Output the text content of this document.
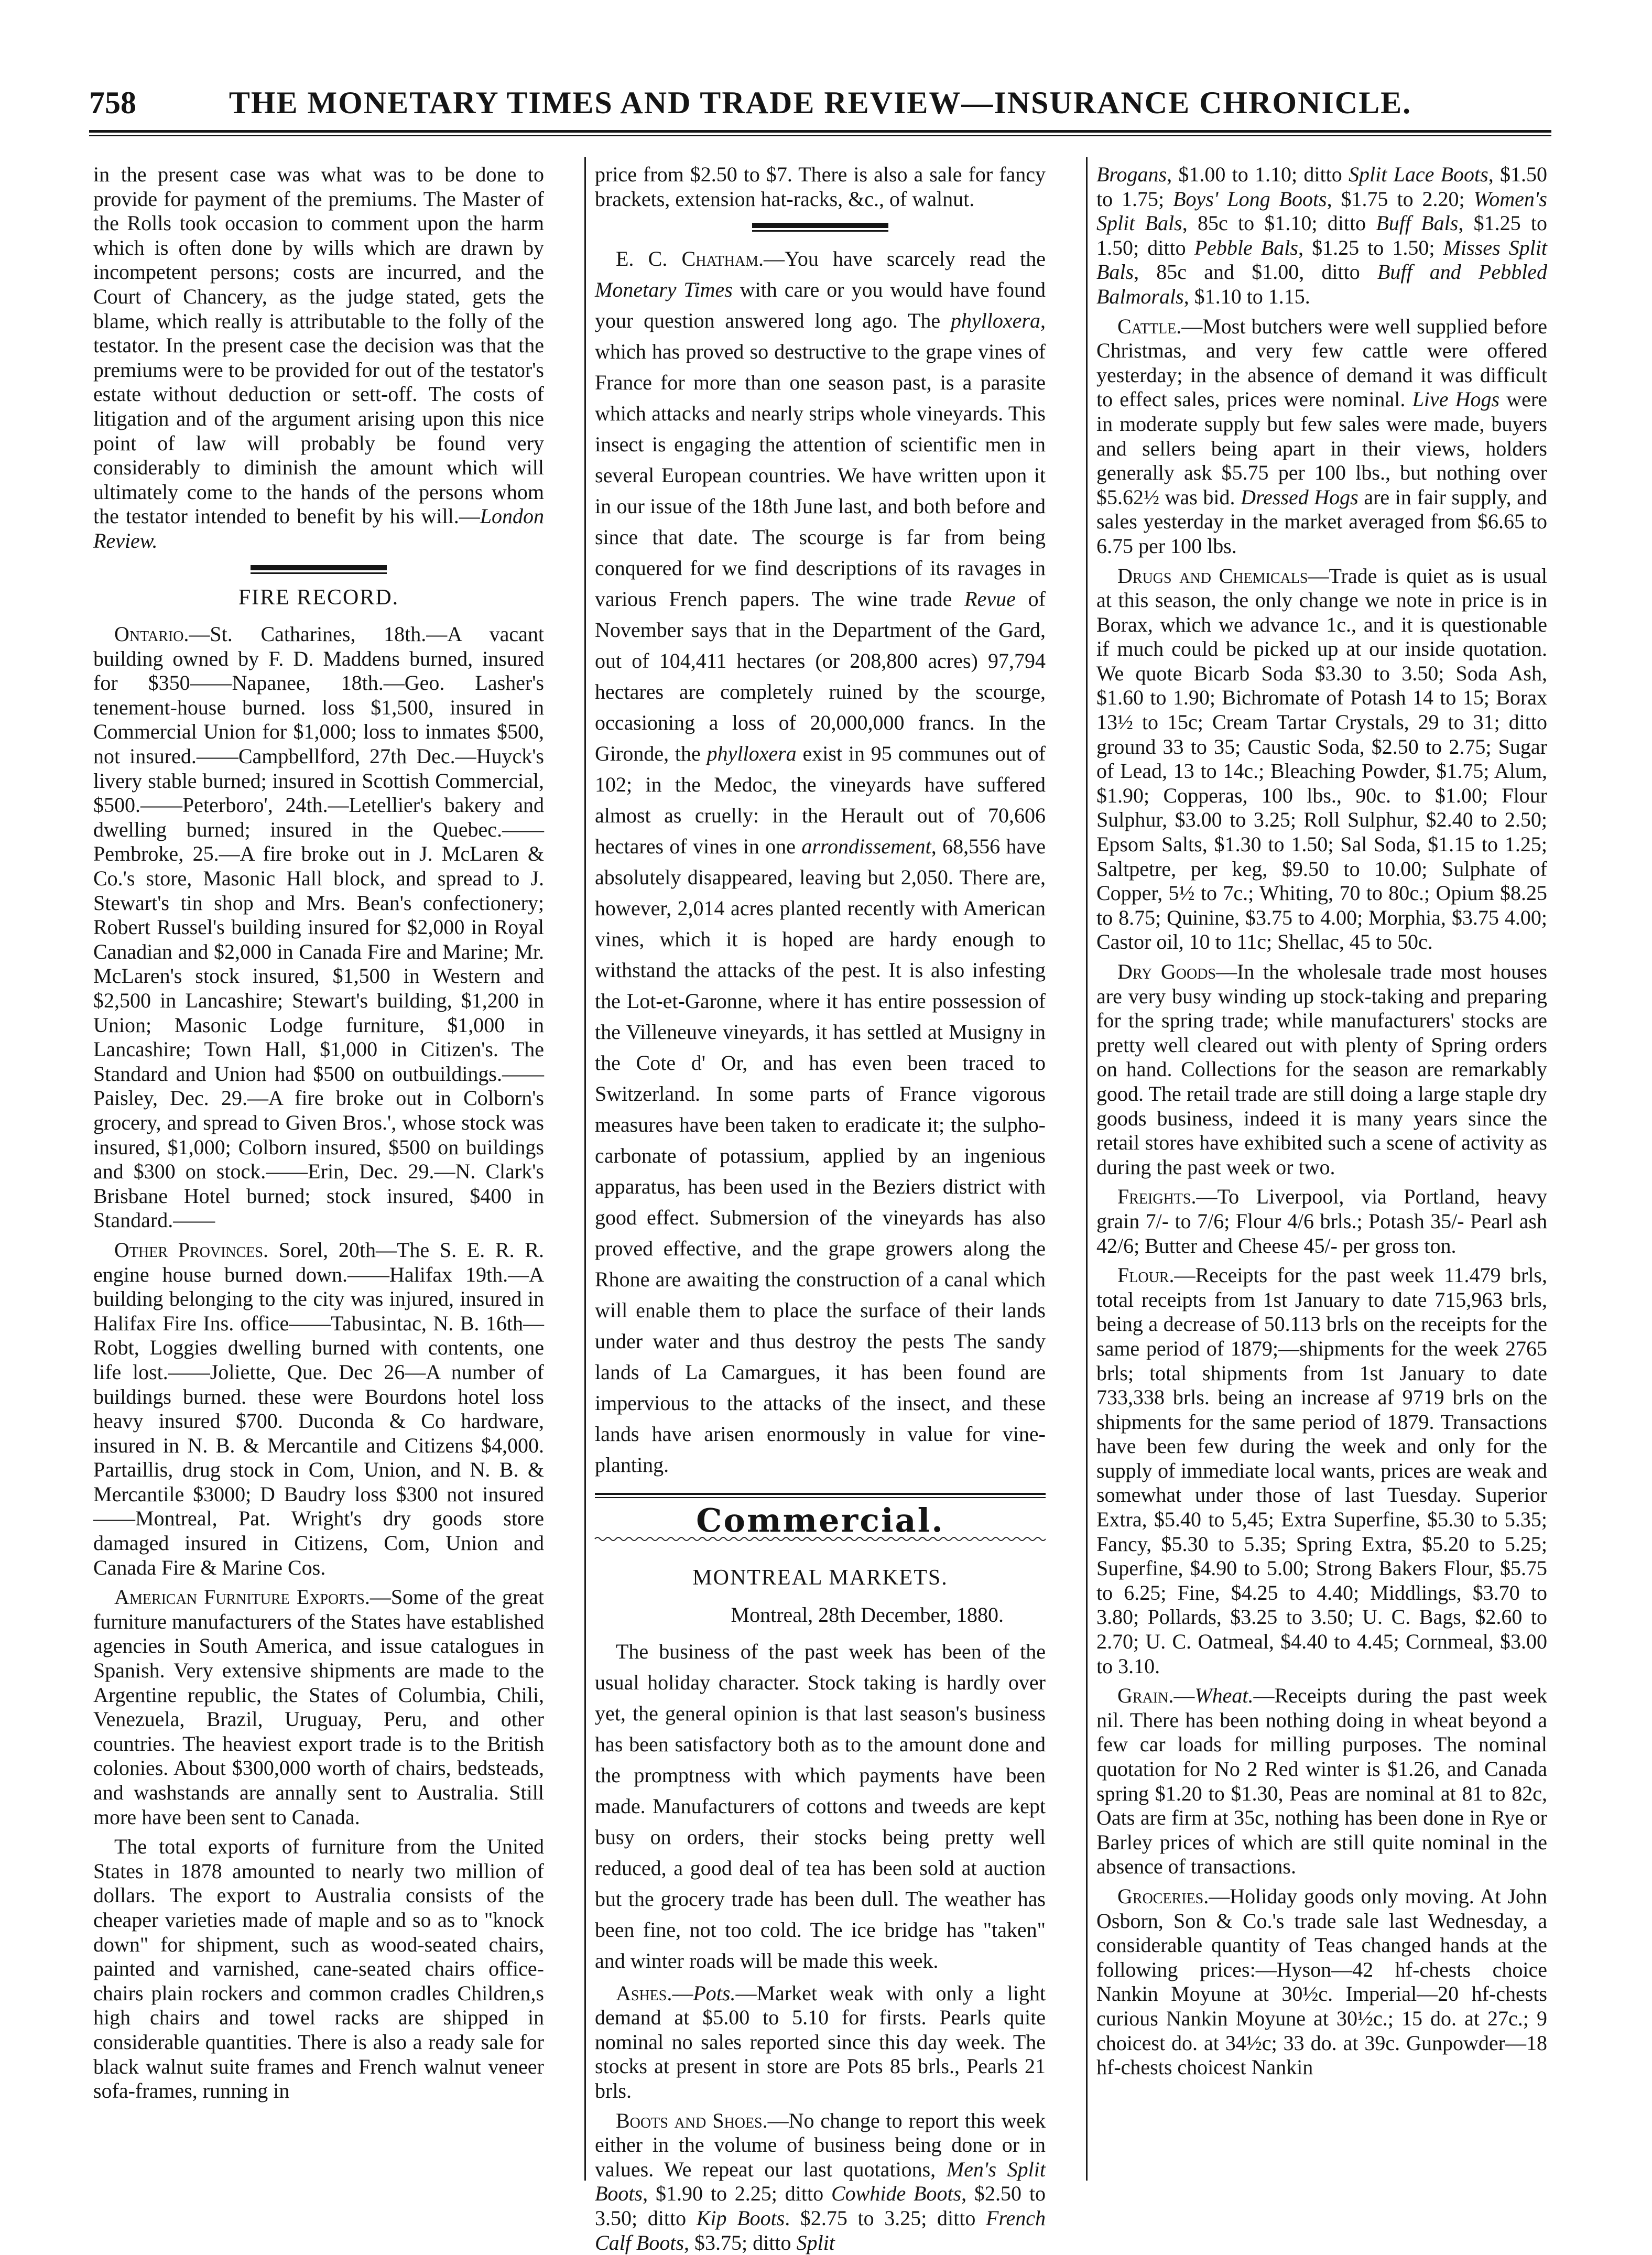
758	THE MONETARY TIMES AND TRADE REVIEW—INSURANCE CHRONICLE.

in the present case was what was to be done to provide for payment of the premiums. The Master of the Rolls took occasion to comment upon the harm which is often done by wills which are drawn by incompetent persons; costs are incurred, and the Court of Chancery, as the judge stated, gets the blame, which really is attributable to the folly of the testator. In the present case the decision was that the premiums were to be provided for out of the testator's estate without deduction or sett-off. The costs of litigation and of the argument arising upon this nice point of law will probably be found very considerably to diminish the amount which will ultimately come to the hands of the persons whom the testator intended to benefit by his will.—London Review.

FIRE RECORD.

Ontario.—St. Catharines, 18th.—A vacant building owned by F. D. Maddens burned, insured for $350——Napanee, 18th.—Geo. Lasher's tenement-house burned. loss $1,500, insured in Commercial Union for $1,000; loss to inmates $500, not insured.——Campbellford, 27th Dec.—Huyck's livery stable burned; insured in Scottish Commercial, $500.——Peterboro', 24th.—Letellier's bakery and dwelling burned; insured in the Quebec.——Pembroke, 25.—A fire broke out in J. McLaren & Co.'s store, Masonic Hall block, and spread to J. Stewart's tin shop and Mrs. Bean's confectionery; Robert Russel's building insured for $2,000 in Royal Canadian and $2,000 in Canada Fire and Marine; Mr. McLaren's stock insured, $1,500 in Western and $2,500 in Lancashire; Stewart's building, $1,200 in Union; Masonic Lodge furniture, $1,000 in Lancashire; Town Hall, $1,000 in Citizen's. The Standard and Union had $500 on outbuildings.——Paisley, Dec. 29.—A fire broke out in Colborn's grocery, and spread to Given Bros.', whose stock was insured, $1,000; Colborn insured, $500 on buildings and $300 on stock.——Erin, Dec. 29.—N. Clark's Brisbane Hotel burned; stock insured, $400 in Standard.——

Other Provinces. Sorel, 20th—The S. E. R. R. engine house burned down.——Halifax 19th.—A building belonging to the city was injured, insured in Halifax Fire Ins. office——Tabusintac, N. B. 16th—Robt, Loggies dwelling burned with contents, one life lost.——Joliette, Que. Dec 26—A number of buildings burned. these were Bourdons hotel loss heavy insured $700. Duconda & Co hardware, insured in N. B. & Mercantile and Citizens $4,000. Partaillis, drug stock in Com, Union, and N. B. & Mercantile $3000; D Baudry loss $300 not insured——Montreal, Pat. Wright's dry goods store damaged insured in Citizens, Com, Union and Canada Fire & Marine Cos.

American Furniture Exports.—Some of the great furniture manufacturers of the States have established agencies in South America, and issue catalogues in Spanish. Very extensive shipments are made to the Argentine republic, the States of Columbia, Chili, Venezuela, Brazil, Uruguay, Peru, and other countries. The heaviest export trade is to the British colonies. About $300,000 worth of chairs, bedsteads, and washstands are annally sent to Australia. Still more have been sent to Canada.

The total exports of furniture from the United States in 1878 amounted to nearly two million of dollars. The export to Australia consists of the cheaper varieties made of maple and so as to "knock down" for shipment, such as wood-seated chairs, painted and varnished, cane-seated chairs office-chairs plain rockers and common cradles Children,s high chairs and towel racks are shipped in considerable quantities. There is also a ready sale for black walnut suite frames and French walnut veneer sofa-frames, running in

price from $2.50 to $7. There is also a sale for fancy brackets, extension hat-racks, &c., of walnut.

E. C. Chatham.—You have scarcely read the Monetary Times with care or you would have found your question answered long ago. The phylloxera, which has proved so destructive to the grape vines of France for more than one season past, is a parasite which attacks and nearly strips whole vineyards. This insect is engaging the attention of scientific men in several European countries. We have written upon it in our issue of the 18th June last, and both before and since that date. The scourge is far from being conquered for we find descriptions of its ravages in various French papers. The wine trade Revue of November says that in the Department of the Gard, out of 104,411 hectares (or 208,800 acres) 97,794 hectares are completely ruined by the scourge, occasioning a loss of 20,000,000 francs. In the Gironde, the phylloxera exist in 95 communes out of 102; in the Medoc, the vineyards have suffered almost as cruelly: in the Herault out of 70,606 hectares of vines in one arrondissement, 68,556 have absolutely disappeared, leaving but 2,050. There are, however, 2,014 acres planted recently with American vines, which it is hoped are hardy enough to withstand the attacks of the pest. It is also infesting the Lot-et-Garonne, where it has entire possession of the Villeneuve vineyards, it has settled at Musigny in the Cote d' Or, and has even been traced to Switzerland. In some parts of France vigorous measures have been taken to eradicate it; the sulpho-carbonate of potassium, applied by an ingenious apparatus, has been used in the Beziers district with good effect. Submersion of the vineyards has also proved effective, and the grape growers along the Rhone are awaiting the construction of a canal which will enable them to place the surface of their lands under water and thus destroy the pests The sandy lands of La Camargues, it has been found are impervious to the attacks of the insect, and these lands have arisen enormously in value for vine-planting.

Commercial.
MONTREAL MARKETS.
Montreal, 28th December, 1880.

The business of the past week has been of the usual holiday character. Stock taking is hardly over yet, the general opinion is that last season's business has been satisfactory both as to the amount done and the promptness with which payments have been made. Manufacturers of cottons and tweeds are kept busy on orders, their stocks being pretty well reduced, a good deal of tea has been sold at auction but the grocery trade has been dull. The weather has been fine, not too cold. The ice bridge has "taken" and winter roads will be made this week.

Ashes.—Pots.—Market weak with only a light demand at $5.00 to 5.10 for firsts. Pearls quite nominal no sales reported since this day week. The stocks at present in store are Pots 85 brls., Pearls 21 brls.

Boots and Shoes.—No change to report this week either in the volume of business being done or in values. We repeat our last quotations, Men's Split Boots, $1.90 to 2.25; ditto Cowhide Boots, $2.50 to 3.50; ditto Kip Boots. $2.75 to 3.25; ditto French Calf Boots, $3.75; ditto Split

Brogans, $1.00 to 1.10; ditto Split Lace Boots, $1.50 to 1.75; Boys' Long Boots, $1.75 to 2.20; Women's Split Bals, 85c to $1.10; ditto Buff Bals, $1.25 to 1.50; ditto Pebble Bals, $1.25 to 1.50; Misses Split Bals, 85c and $1.00, ditto Buff and Pebbled Balmorals, $1.10 to 1.15.

Cattle.—Most butchers were well supplied before Christmas, and very few cattle were offered yesterday; in the absence of demand it was difficult to effect sales, prices were nominal. Live Hogs were in moderate supply but few sales were made, buyers and sellers being apart in their views, holders generally ask $5.75 per 100 lbs., but nothing over $5.62½ was bid. Dressed Hogs are in fair supply, and sales yesterday in the market averaged from $6.65 to 6.75 per 100 lbs.

Drugs and Chemicals—Trade is quiet as is usual at this season, the only change we note in price is in Borax, which we advance 1c., and it is questionable if much could be picked up at our inside quotation. We quote Bicarb Soda $3.30 to 3.50; Soda Ash, $1.60 to 1.90; Bichromate of Potash 14 to 15; Borax 13½ to 15c; Cream Tartar Crystals, 29 to 31; ditto ground 33 to 35; Caustic Soda, $2.50 to 2.75; Sugar of Lead, 13 to 14c.; Bleaching Powder, $1.75; Alum, $1.90; Copperas, 100 lbs., 90c. to $1.00; Flour Sulphur, $3.00 to 3.25; Roll Sulphur, $2.40 to 2.50; Epsom Salts, $1.30 to 1.50; Sal Soda, $1.15 to 1.25; Saltpetre, per keg, $9.50 to 10.00; Sulphate of Copper, 5½ to 7c.; Whiting, 70 to 80c.; Opium $8.25 to 8.75; Quinine, $3.75 to 4.00; Morphia, $3.75 4.00; Castor oil, 10 to 11c; Shellac, 45 to 50c.

Dry Goods—In the wholesale trade most houses are very busy winding up stock-taking and preparing for the spring trade; while manufacturers' stocks are pretty well cleared out with plenty of Spring orders on hand. Collections for the season are remarkably good. The retail trade are still doing a large staple dry goods business, indeed it is many years since the retail stores have exhibited such a scene of activity as during the past week or two.

Freights.—To Liverpool, via Portland, heavy grain 7/- to 7/6; Flour 4/6 brls.; Potash 35/- Pearl ash 42/6; Butter and Cheese 45/- per gross ton.

Flour.—Receipts for the past week 11.479 brls, total receipts from 1st January to date 715,963 brls, being a decrease of 50.113 brls on the receipts for the same period of 1879;—shipments for the week 2765 brls; total shipments from 1st January to date 733,338 brls. being an increase af 9719 brls on the shipments for the same period of 1879. Transactions have been few during the week and only for the supply of immediate local wants, prices are weak and somewhat under those of last Tuesday. Superior Extra, $5.40 to 5,45; Extra Superfine, $5.30 to 5.35; Fancy, $5.30 to 5.35; Spring Extra, $5.20 to 5.25; Superfine, $4.90 to 5.00; Strong Bakers Flour, $5.75 to 6.25; Fine, $4.25 to 4.40; Middlings, $3.70 to 3.80; Pollards, $3.25 to 3.50; U. C. Bags, $2.60 to 2.70; U. C. Oatmeal, $4.40 to 4.45; Cornmeal, $3.00 to 3.10.

Grain.—Wheat.—Receipts during the past week nil. There has been nothing doing in wheat beyond a few car loads for milling purposes. The nominal quotation for No 2 Red winter is $1.26, and Canada spring $1.20 to $1.30, Peas are nominal at 81 to 82c, Oats are firm at 35c, nothing has been done in Rye or Barley prices of which are still quite nominal in the absence of transactions.

Groceries.—Holiday goods only moving. At John Osborn, Son & Co.'s trade sale last Wednesday, a considerable quantity of Teas changed hands at the following prices:—Hyson—42 hf-chests choice Nankin Moyune at 30½c. Imperial—20 hf-chests curious Nankin Moyune at 30½c.; 15 do. at 27c.; 9 choicest do. at 34½c; 33 do. at 39c. Gunpowder—18 hf-chests choicest Nankin
